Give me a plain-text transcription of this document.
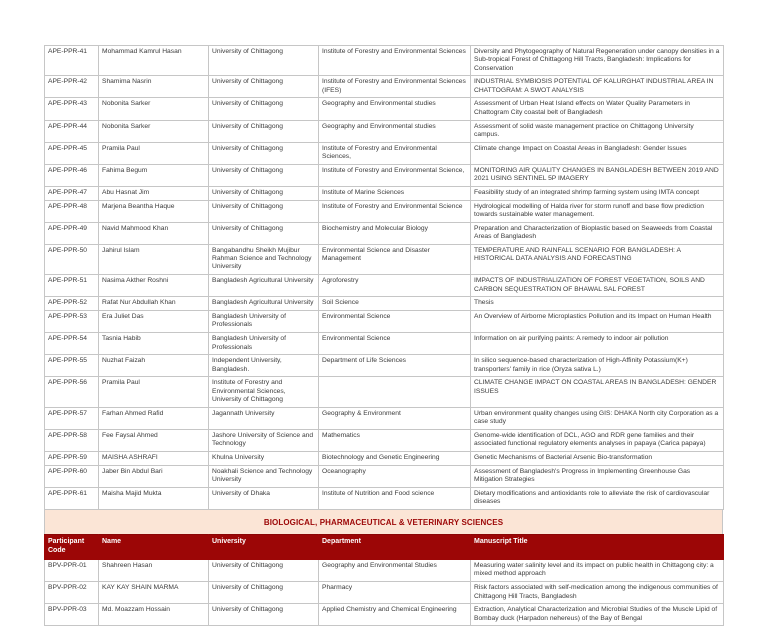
APE-PPR-41	Mohammad Kamrul Hasan	University of Chittagong	Institute of Forestry and Environmental Sciences	Diversity and Phytogeography of Natural Regeneration under canopy densities in a Sub-tropical Forest of Chittagong Hill Tracts, Bangladesh: Implications for Conservation
APE-PPR-42	Shamima Nasrin	University of Chittagong	Institute of Forestry and Environmental Sciences (IFES)	INDUSTRIAL SYMBIOSIS POTENTIAL OF KALURGHAT INDUSTRIAL AREA IN CHATTOGRAM: A SWOT ANALYSIS
APE-PPR-43	Nobonita Sarker	University of Chittagong	Geography and Environmental studies	Assessment of Urban Heat Island effects on Water Quality Parameters in Chattogram City coastal belt of Bangladesh
APE-PPR-44	Nobonita Sarker	University of Chittagong	Geography and Environmental studies	Assessment of solid waste management practice on Chittagong University campus.
APE-PPR-45	Pramila Paul	University of Chittagong	Institute of Forestry and Environmental Sciences,	Climate change Impact on Coastal Areas in Bangladesh: Gender Issues
APE-PPR-46	Fahima Begum	University of Chittagong	Institute of Forestry and Environmental Science,	MONITORING AIR QUALITY CHANGES IN BANGLADESH BETWEEN 2019 AND 2021 USING SENTINEL 5P IMAGERY
APE-PPR-47	Abu Hasnat Jim	University of Chittagong	Institute of Marine Sciences	Feasibility study of an integrated shrimp farming system using IMTA concept
APE-PPR-48	Marjena Beantha Haque	University of Chittagong	Institute of Forestry and Environmental Science	Hydrological modelling of Halda river for storm runoff and base flow prediction towards sustainable water management.
APE-PPR-49	Navid Mahmood Khan	University of Chittagong	Biochemistry and Molecular Biology	Preparation and Characterization of Bioplastic based on Seaweeds from Coastal Areas of Bangladesh
APE-PPR-50	Jahirul Islam	Bangabandhu Sheikh Mujibur Rahman Science and Technology University	Environmental Science and Disaster Management	TEMPERATURE AND RAINFALL SCENARIO FOR BANGLADESH: A HISTORICAL DATA ANALYSIS AND FORECASTING
APE-PPR-51	Nasima Akther Roshni	Bangladesh Agricultural University	Agroforestry	IMPACTS OF INDUSTRIALIZATION OF FOREST VEGETATION, SOILS AND CARBON SEQUESTRATION OF BHAWAL SAL FOREST
APE-PPR-52	Rafat Nur Abdullah Khan	Bangladesh Agricultural University	Soil Science	Thesis
APE-PPR-53	Era Juliet Das	Bangladesh University of Professionals	Environmental Science	An Overview of Airborne Microplastics Pollution and its Impact on Human Health
APE-PPR-54	Tasnia Habib	Bangladesh University of Professionals	Environmental Science	Information on air purifying paints: A remedy to indoor air pollution
APE-PPR-55	Nuzhat Faizah	Independent University, Bangladesh.	Department of Life Sciences	In silico sequence-based characterization of High-Affinity Potassium(K+) transporters' family in rice (Oryza sativa L.)
APE-PPR-56	Pramila Paul	Institute of Forestry and Environmental Sciences, University of Chittagong		CLIMATE CHANGE IMPACT ON COASTAL AREAS IN BANGLADESH: GENDER ISSUES
APE-PPR-57	Farhan Ahmed Rafid	Jagannath University	Geography & Environment	Urban environment quality changes using GIS: DHAKA North city Corporation as a case study
APE-PPR-58	Fee Faysal Ahmed	Jashore University of Science and Technology	Mathematics	Genome-wide identification of DCL, AGO and RDR gene families and their associated functional regulatory elements analyses in papaya (Carica papaya)
APE-PPR-59	MAISHA ASHRAFI	Khulna University	Biotechnology and Genetic Engineering	Genetic Mechanisms of Bacterial Arsenic Bio-transformation
APE-PPR-60	Jaber Bin Abdul Bari	Noakhali Science and Technology University	Oceanography	Assessment of Bangladesh's Progress in Implementing Greenhouse Gas Mitigation Strategies
APE-PPR-61	Maisha Majid Mukta	University of Dhaka	Institute of Nutrition and Food science	Dietary modifications and antioxidants role to alleviate the risk of cardiovascular diseases
BIOLOGICAL, PHARMACEUTICAL & VETERINARY SCIENCES
Participant Code	Name	University	Department	Manuscript Title
BPV-PPR-01	Shahreen Hasan	University of Chittagong	Geography and Environmental Studies	Measuring water salinity level and its impact on public health in Chittagong city: a mixed method approach
BPV-PPR-02	KAY KAY SHAIN MARMA	University of Chittagong	Pharmacy	Risk factors associated with self-medication among the indigenous communities of Chittagong Hill Tracts, Bangladesh
BPV-PPR-03	Md. Moazzam Hossain	University of Chittagong	Applied Chemistry and Chemical Engineering	Extraction, Analytical Characterization and Microbial Studies of the Muscle Lipid of Bombay duck (Harpadon nehereus) of the Bay of Bengal
